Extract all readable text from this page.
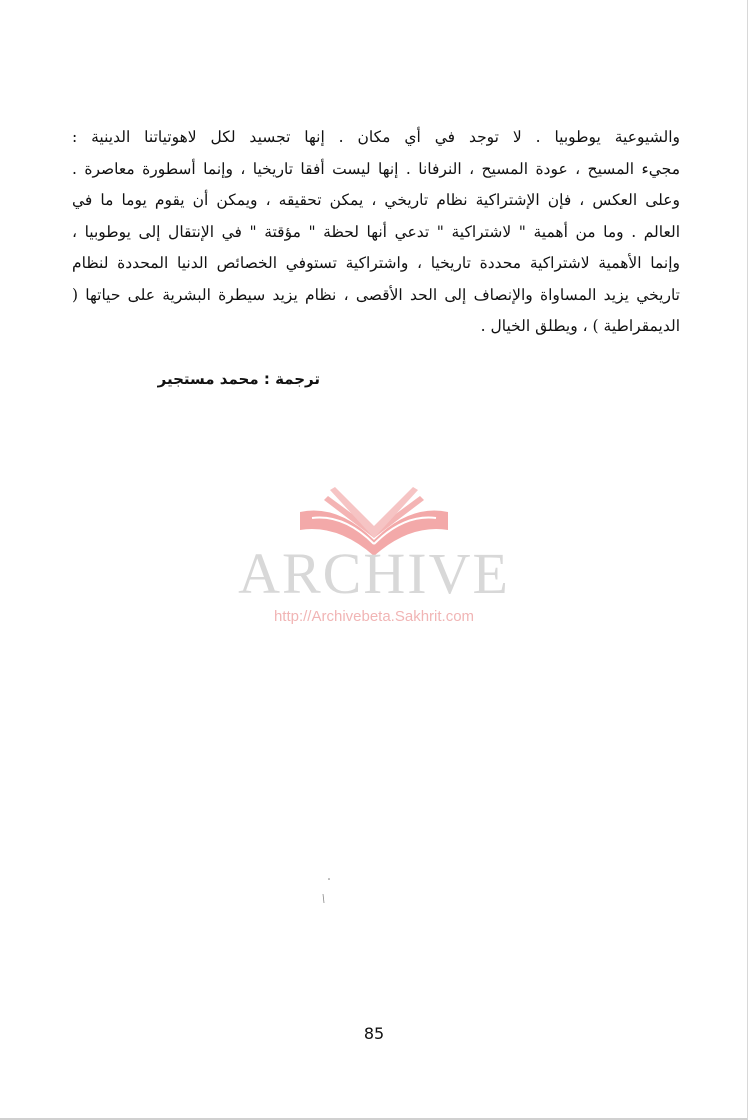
والشيوعية يوطوبيا . لا توجد في أي مكان . إنها تجسيد لكل لاهوتياتنا الدينية :
مجيء المسيح ، عودة المسيح ، النرفانا . إنها ليست أفقا تاريخيا ، وإنما أسطورة معاصرة .
وعلى العكس ، فإن الإشتراكية نظام تاريخي ، يمكن تحقيقه ، ويمكن أن يقوم يوما ما في
العالم . وما من أهمية " لاشتراكية " تدعي أنها لحظة " مؤقتة " في الإنتقال إلى يوطوبيا ،
وإنما الأهمية لاشتراكية محددة تاريخيا ، واشتراكية تستوفي الخصائص الدنيا المحددة لنظام
تاريخي يزيد المساواة والإنصاف إلى الحد الأقصى ، نظام يزيد سيطرة البشرية على حياتها (
الديمقراطية ) ، ويطلق الخيال .

ترجمة : محمد مستجير

ARCHIVE
http://Archivebeta.Sakhrit.com

85
